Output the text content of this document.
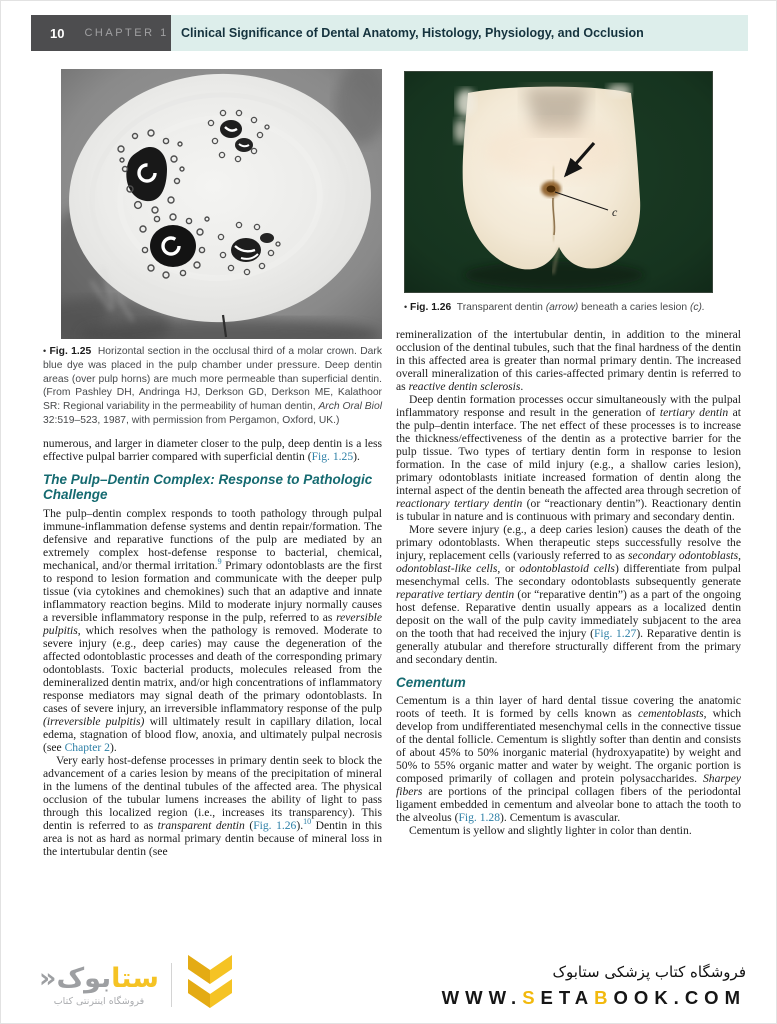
10 CHAPTER 1 Clinical Significance of Dental Anatomy, Histology, Physiology, and Occlusion
• Fig. 1.25 Horizontal section in the occlusal third of a molar crown. Dark blue dye was placed in the pulp chamber under pressure. Deep dentin areas (over pulp horns) are much more permeable than superficial dentin. (From Pashley DH, Andringa HJ, Derkson GD, Derkson ME, Kalathoor SR: Regional variability in the permeability of human dentin, Arch Oral Biol 32:519–523, 1987, with permission from Pergamon, Oxford, UK.)

numerous, and larger in diameter closer to the pulp, deep dentin is a less effective pulpal barrier compared with superficial dentin (Fig. 1.25).

The Pulp–Dentin Complex: Response to Pathologic Challenge

The pulp–dentin complex responds to tooth pathology through pulpal immune-inflammation defense systems and dentin repair/formation. The defensive and reparative functions of the pulp are mediated by an extremely complex host-defense response to bacterial, chemical, mechanical, and/or thermal irritation.$^9$ Primary odontoblasts are the first to respond to lesion formation and communicate with the deeper pulp tissue (via cytokines and chemokines) such that an adaptive and innate inflammatory reaction begins. Mild to moderate injury normally causes a reversible inflammatory response in the pulp, referred to as reversible pulpitis, which resolves when the pathology is removed. Moderate to severe injury (e.g., deep caries) may cause the degeneration of the affected odontoblastic processes and death of the corresponding primary odontoblasts. Toxic bacterial products, molecules released from the demineralized dentin matrix, and/or high concentrations of inflammatory response mediators may signal death of the primary odontoblasts. In cases of severe injury, an irreversible inflammatory response of the pulp (irreversible pulpitis) will ultimately result in capillary dilation, local edema, stagnation of blood flow, anoxia, and ultimately pulpal necrosis (see Chapter 2).

Very early host-defense processes in primary dentin seek to block the advancement of a caries lesion by means of the precipitation of mineral in the lumens of the dentinal tubules of the affected area. The physical occlusion of the tubular lumens increases the ability of light to pass through this localized region (i.e., increases its transparency). This dentin is referred to as transparent dentin (Fig. 1.26).$^{10}$ Dentin in this area is not as hard as normal primary dentin because of mineral loss in the intertubular dentin (see

c
• Fig. 1.26 Transparent dentin (arrow) beneath a caries lesion (c).

remineralization of the intertubular dentin, in addition to the mineral occlusion of the dentinal tubules, such that the final hardness of the dentin in this affected area is greater than normal primary dentin. The increased overall mineralization of this caries-affected primary dentin is referred to as reactive dentin sclerosis.

Deep dentin formation processes occur simultaneously with the pulpal inflammatory response and result in the generation of tertiary dentin at the pulp–dentin interface. The net effect of these processes is to increase the thickness/effectiveness of the dentin as a protective barrier for the pulp tissue. Two types of tertiary dentin form in response to lesion formation. In the case of mild injury (e.g., a shallow caries lesion), primary odontoblasts initiate increased formation of dentin along the internal aspect of the dentin beneath the affected area through secretion of reactionary tertiary dentin (or “reactionary dentin”). Reactionary dentin is tubular in nature and is continuous with primary and secondary dentin.

More severe injury (e.g., a deep caries lesion) causes the death of the primary odontoblasts. When therapeutic steps successfully resolve the injury, replacement cells (variously referred to as secondary odontoblasts, odontoblast-like cells, or odontoblastoid cells) differentiate from pulpal mesenchymal cells. The secondary odontoblasts subsequently generate reparative tertiary dentin (or “reparative dentin”) as a part of the ongoing host defense. Reparative dentin usually appears as a localized dentin deposit on the wall of the pulp cavity immediately subjacent to the area on the tooth that had received the injury (Fig. 1.27). Reparative dentin is generally atubular and therefore structurally different from the primary and secondary dentin.

Cementum

Cementum is a thin layer of hard dental tissue covering the anatomic roots of teeth. It is formed by cells known as cementoblasts, which develop from undifferentiated mesenchymal cells in the connective tissue of the dental follicle. Cementum is slightly softer than dentin and consists of about 45% to 50% inorganic material (hydroxyapatite) by weight and 50% to 55% organic matter and water by weight. The organic portion is composed primarily of collagen and protein polysaccharides. Sharpey fibers are portions of the principal collagen fibers of the periodontal ligament embedded in cementum and alveolar bone to attach the tooth to the alveolus (Fig. 1.28). Cementum is avascular.

Cementum is yellow and slightly lighter in color than dentin.

ستابوک«
فروشگاه اینترنتی کتاب
فروشگاه کتاب پزشکی ستابوک
WWW.SETABOOK.COM
